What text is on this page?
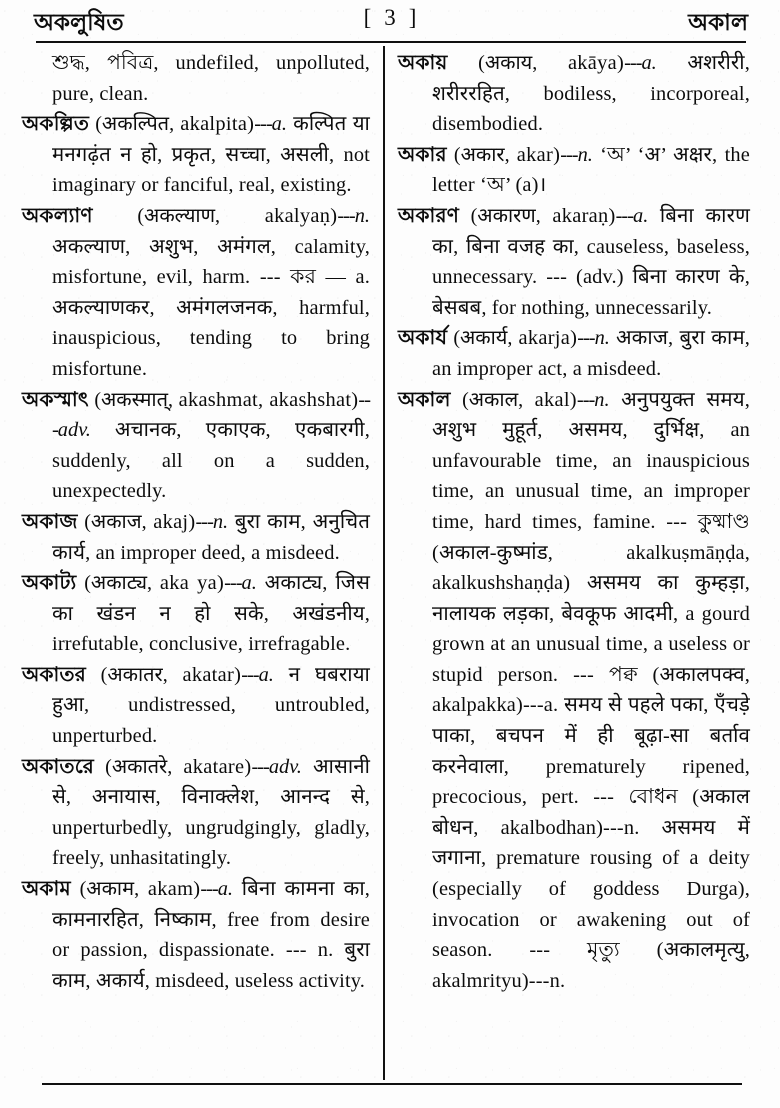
অকলুষিত	[ 3 ]	অকাল

শুদ্ধ, পবিত্র, undefiled, unpolluted, pure, clean.

অকল্পিত (अकल्पित, akalpita)---a. कल्पित या मनगढ़ंत न हो, प्रकृत, सच्चा, असली, not imaginary or fanciful, real, existing.

অকল্যাণ (अकल्याण, akalyaṇ)---n. अकल्याण, अशुभ, अमंगल, calamity, misfortune, evil, harm. --- কর — a. अकल्याणकर, अमंगलजनक, harmful, inauspicious, tending to bring misfortune.

অকস্মাৎ (अकस्मात्, akashmat, akashshat)---adv. अचानक, एकाएक, एकबारगी, suddenly, all on a sudden, unexpectedly.

অকাজ (अकाज, akaj)---n. बुरा काम, अनुचित कार्य, an improper deed, a misdeed.

অকাট্য (अकाट्य, aka ya)---a. अकाट्य, जिस का खंडन न हो सके, अखंडनीय, irrefutable, conclusive, irrefragable.

অকাতর (अकातर, akatar)---a. न घबराया हुआ, undistressed, untroubled, unperturbed.

অকাতরে (अकातरे, akatare)---adv. आसानी से, अनायास, विनाक्लेश, आनन्द से, unperturbedly, ungrudgingly, gladly, freely, unhasitatingly.

অকাম (अकाम, akam)---a. बिना कामना का, कामनारहित, निष्काम, free from desire or passion, dispassionate. --- n. बुरा काम, अकार्य, misdeed, useless activity.

অকায় (अकाय, akāya)---a. अशरीरी, शरीररहित, bodiless, incorporeal, disembodied.

অকার (अकार, akar)---n. ‘অ’ ‘अ’ अक्षर, the letter ‘অ’ (a)।

অকারণ (अकारण, akaraṇ)---a. बिना कारण का, बिना वजह का, causeless, baseless, unnecessary. --- (adv.) बिना कारण के, बेसबब, for nothing, unnecessarily.

অকার্য (अकार्य, akarja)---n. अकाज, बुरा काम, an improper act, a misdeed.

অকাল (अकाल, akal)---n. अनुपयुक्त समय, अशुभ मुहूर्त, असमय, दुर्भिक्ष, an unfavourable time, an inauspicious time, an unusual time, an improper time, hard times, famine. --- কুষ্মাণ্ড (अकाल-कुष्मांड, akalkuṣmāṇḍa, akalkushshaṇḍa) असमय का कुम्हड़ा, नालायक लड़का, बेवकूफ आदमी, a gourd grown at an unusual time, a useless or stupid person. --- পক্ব (अकालपक्व, akalpakka)---a. समय से पहले पका, एँचड़े पाका, बचपन में ही बूढ़ा-सा बर्ताव करनेवाला, prematurely ripened, precocious, pert. --- বোধন (अकाल बोधन, akalbodhan)---n. असमय में जगाना, premature rousing of a deity (especially of goddess Durga), invocation or awakening out of season. --- মৃত্যু (अकालमृत्यु, akalmrityu)---n.
